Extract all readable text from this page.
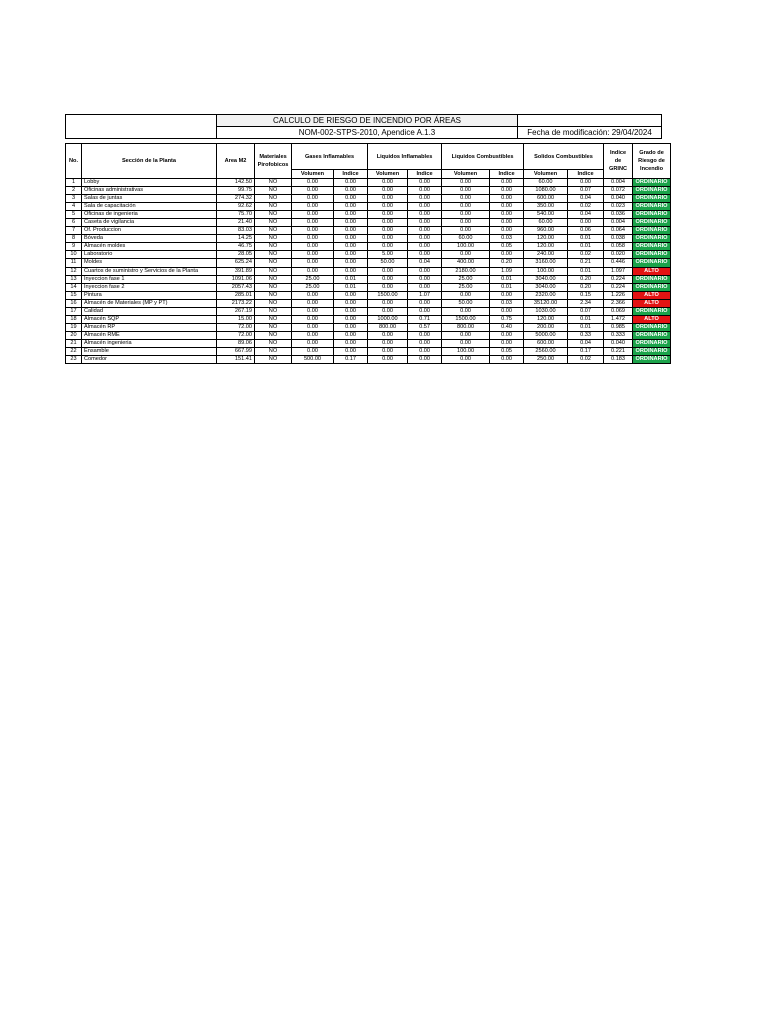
	CALCULO DE RIESGO DE INCENDIO POR ÁREAS	
	NOM-002-STPS-2010, Apendice A.1.3	Fecha de modificación: 29/04/2024
No.	Sección de la Planta	Area M2	Materiales Pirofobicos	Gases Inflamables		Liquidos Inflamables		Liquidos Combustibles		Solidos Combustibles		Indice de GRINC	Grado de Riesgo de Incendio
				Volumen	Indice	Volumen	Indice	Volumen	Indice	Volumen	Indice		
1	Lobby	142.50	NO	0.00	0.00	0.00	0.00	0.00	0.00	60.00	0.00	0.004	ORDINARIO
2	Oficinas administrativas	99.75	NO	0.00	0.00	0.00	0.00	0.00	0.00	1080.00	0.07	0.072	ORDINARIO
3	Salas de juntas	274.32	NO	0.00	0.00	0.00	0.00	0.00	0.00	600.00	0.04	0.040	ORDINARIO
4	Sala de capacitación	92.62	NO	0.00	0.00	0.00	0.00	0.00	0.00	350.00	0.02	0.023	ORDINARIO
5	Oficinas de ingenieria	75.70	NO	0.00	0.00	0.00	0.00	0.00	0.00	540.00	0.04	0.036	ORDINARIO
6	Caseta de vigilancia	21.40	NO	0.00	0.00	0.00	0.00	0.00	0.00	60.00	0.00	0.004	ORDINARIO
7	Of. Produccion	83.03	NO	0.00	0.00	0.00	0.00	0.00	0.00	960.00	0.06	0.064	ORDINARIO
8	Bóveda	14.25	NO	0.00	0.00	0.00	0.00	60.00	0.03	120.00	0.01	0.038	ORDINARIO
9	Almacén moldes	46.75	NO	0.00	0.00	0.00	0.00	100.00	0.05	120.00	0.01	0.058	ORDINARIO
10	Laboratorio	28.05	NO	0.00	0.00	5.00	0.00	0.00	0.00	240.00	0.02	0.020	ORDINARIO
11	Moldes	625.24	NO	0.00	0.00	50.00	0.04	400.00	0.20	3160.00	0.21	0.446	ORDINARIO
12	Cuartos de suministro y Servicios de la Planta	391.89	NO	0.00	0.00	0.00	0.00	2180.00	1.09	100.00	0.01	1.097	ALTO
13	Inyeccion fase 1	1091.06	NO	25.00	0.01	0.00	0.00	25.00	0.01	3040.00	0.20	0.224	ORDINARIO
14	Inyeccion fase 2	2057.43	NO	25.00	0.01	0.00	0.00	25.00	0.01	3040.00	0.20	0.224	ORDINARIO
15	Pintura	285.01	NO	0.00	0.00	1500.00	1.07	0.00	0.00	2320.00	0.15	1.226	ALTO
16	Almacén de Materiales (MP y PT)	2173.22	NO	0.00	0.00	0.00	0.00	50.00	0.03	35120.00	2.34	2.366	ALTO
17	Calidad	267.19	NO	0.00	0.00	0.00	0.00	0.00	0.00	1030.00	0.07	0.069	ORDINARIO
18	Almacén SQP	15.00	NO	0.00	0.00	1000.00	0.71	1500.00	0.75	120.00	0.01	1.472	ALTO
19	Almacén RP	72.00	NO	0.00	0.00	800.00	0.57	800.00	0.40	200.00	0.01	0.985	ORDINARIO
20	Almacén RME	72.00	NO	0.00	0.00	0.00	0.00	0.00	0.00	5000.00	0.33	0.333	ORDINARIO
21	Almacén ingenieria	89.06	NO	0.00	0.00	0.00	0.00	0.00	0.00	600.00	0.04	0.040	ORDINARIO
22	Ensamble	667.99	NO	0.00	0.00	0.00	0.00	100.00	0.05	2560.00	0.17	0.221	ORDINARIO
23	Comedor	151.41	NO	500.00	0.17	0.00	0.00	0.00	0.00	250.00	0.02	0.183	ORDINARIO
